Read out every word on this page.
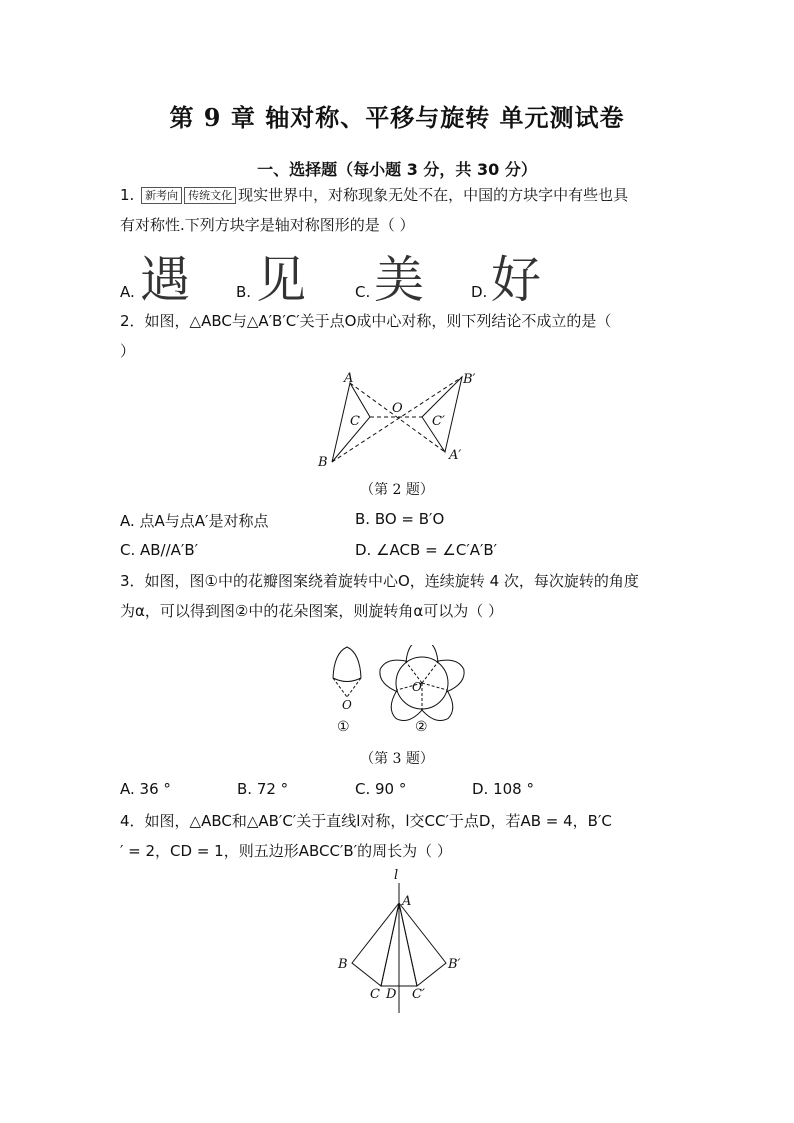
第 9 章 轴对称、平移与旋转 单元测试卷
一、选择题（每小题 3 分，共 30 分）
1. 新考向 传统文化 现实世界中，对称现象无处不在，中国的方块字中有些也具
有对称性.下列方块字是轴对称图形的是（ ）
A. 遇	B. 见	C. 美	D. 好
2．如图，△ABC与△A′B′C′关于点O成中心对称，则下列结论不成立的是（
）
A
B
C
O
A′
B′
C′
（第 2 题）
A. 点A与点A′是对称点	B. BO = B′O
C. AB//A′B′	D. ∠ACB = ∠C′A′B′
3．如图，图①中的花瓣图案绕着旋转中心O，连续旋转 4 次，每次旋转的角度
为α，可以得到图②中的花朵图案，则旋转角α可以为（ ）
O
O
①	②
（第 3 题）
A. 36 °	B. 72 °	C. 90 °	D. 108 °
4．如图，△ABC和△AB′C′关于直线l对称，l交CC′于点D，若AB = 4，B′C
′ = 2，CD = 1，则五边形ABCC′B′的周长为（ ）
l
A
B	B′
C D C′
